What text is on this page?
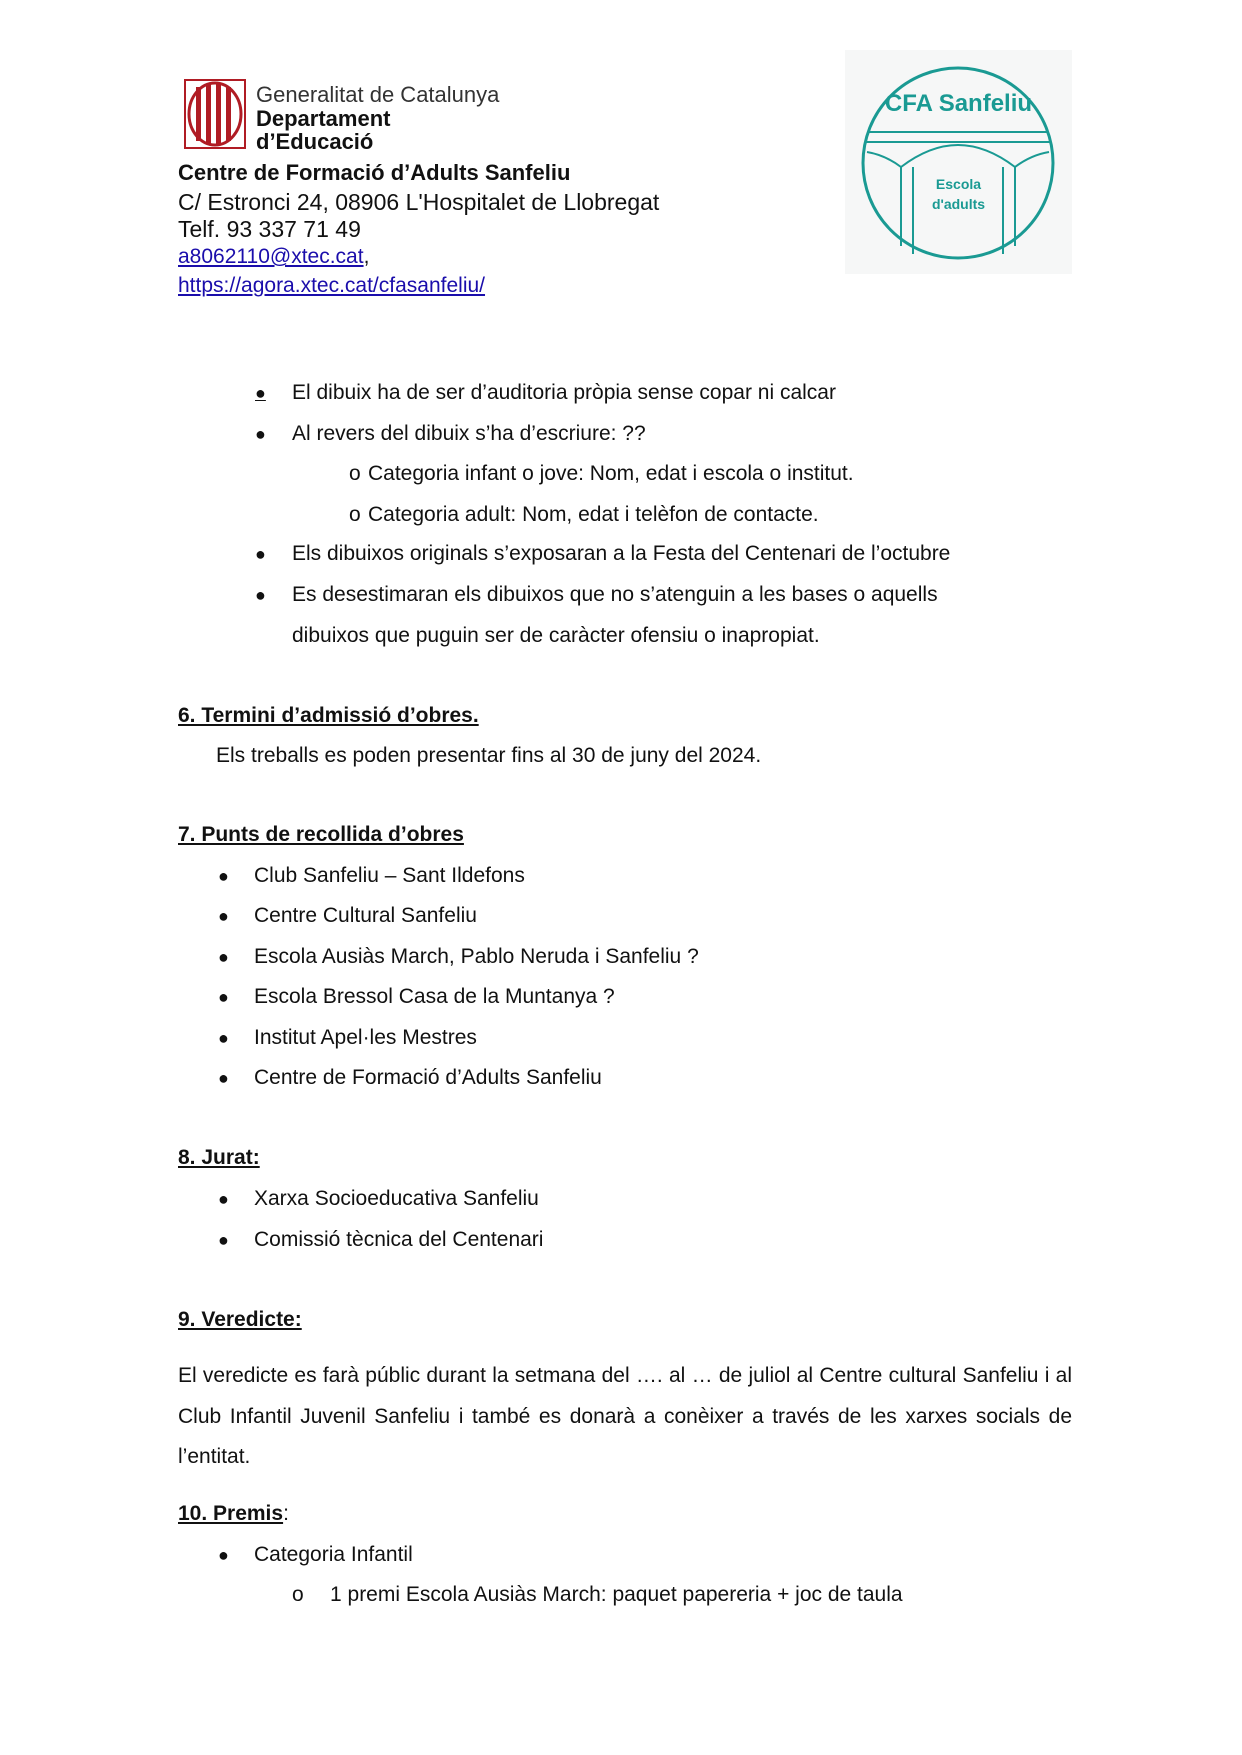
Generalitat de Catalunya
Departament
d’Educació
Centre de Formació d’Adults Sanfeliu
C/ Estronci 24, 08906 L'Hospitalet de Llobregat
Telf. 93 337 71 49
a8062110@xtec.cat,
https://agora.xtec.cat/cfasanfeliu/
CFA Sanfeliu
Escola
d'adults
● El dibuix ha de ser d’auditoria pròpia sense copar ni calcar
● Al revers del dibuix s’ha d’escriure: ??
o Categoria infant o jove: Nom, edat i escola o institut.
o Categoria adult: Nom, edat i telèfon de contacte.
● Els dibuixos originals s’exposaran a la Festa del Centenari de l’octubre
● Es desestimaran els dibuixos que no s’atenguin a les bases o aquells
dibuixos que puguin ser de caràcter ofensiu o inapropiat.
6. Termini d’admissió d’obres.
Els treballs es poden presentar fins al 30 de juny del 2024.
7. Punts de recollida d’obres
● Club Sanfeliu – Sant Ildefons
● Centre Cultural Sanfeliu
● Escola Ausiàs March, Pablo Neruda i Sanfeliu ?
● Escola Bressol Casa de la Muntanya ?
● Institut Apel·les Mestres
● Centre de Formació d’Adults Sanfeliu
8. Jurat:
● Xarxa Socioeducativa Sanfeliu
● Comissió tècnica del Centenari
9. Veredicte:
El veredicte es farà públic durant la setmana del …. al … de juliol al Centre cultural Sanfeliu i al Club Infantil Juvenil Sanfeliu i també es donarà a conèixer a través de les xarxes socials de l’entitat.
10. Premis:
● Categoria Infantil
o 1 premi Escola Ausiàs March: paquet papereria + joc de taula
